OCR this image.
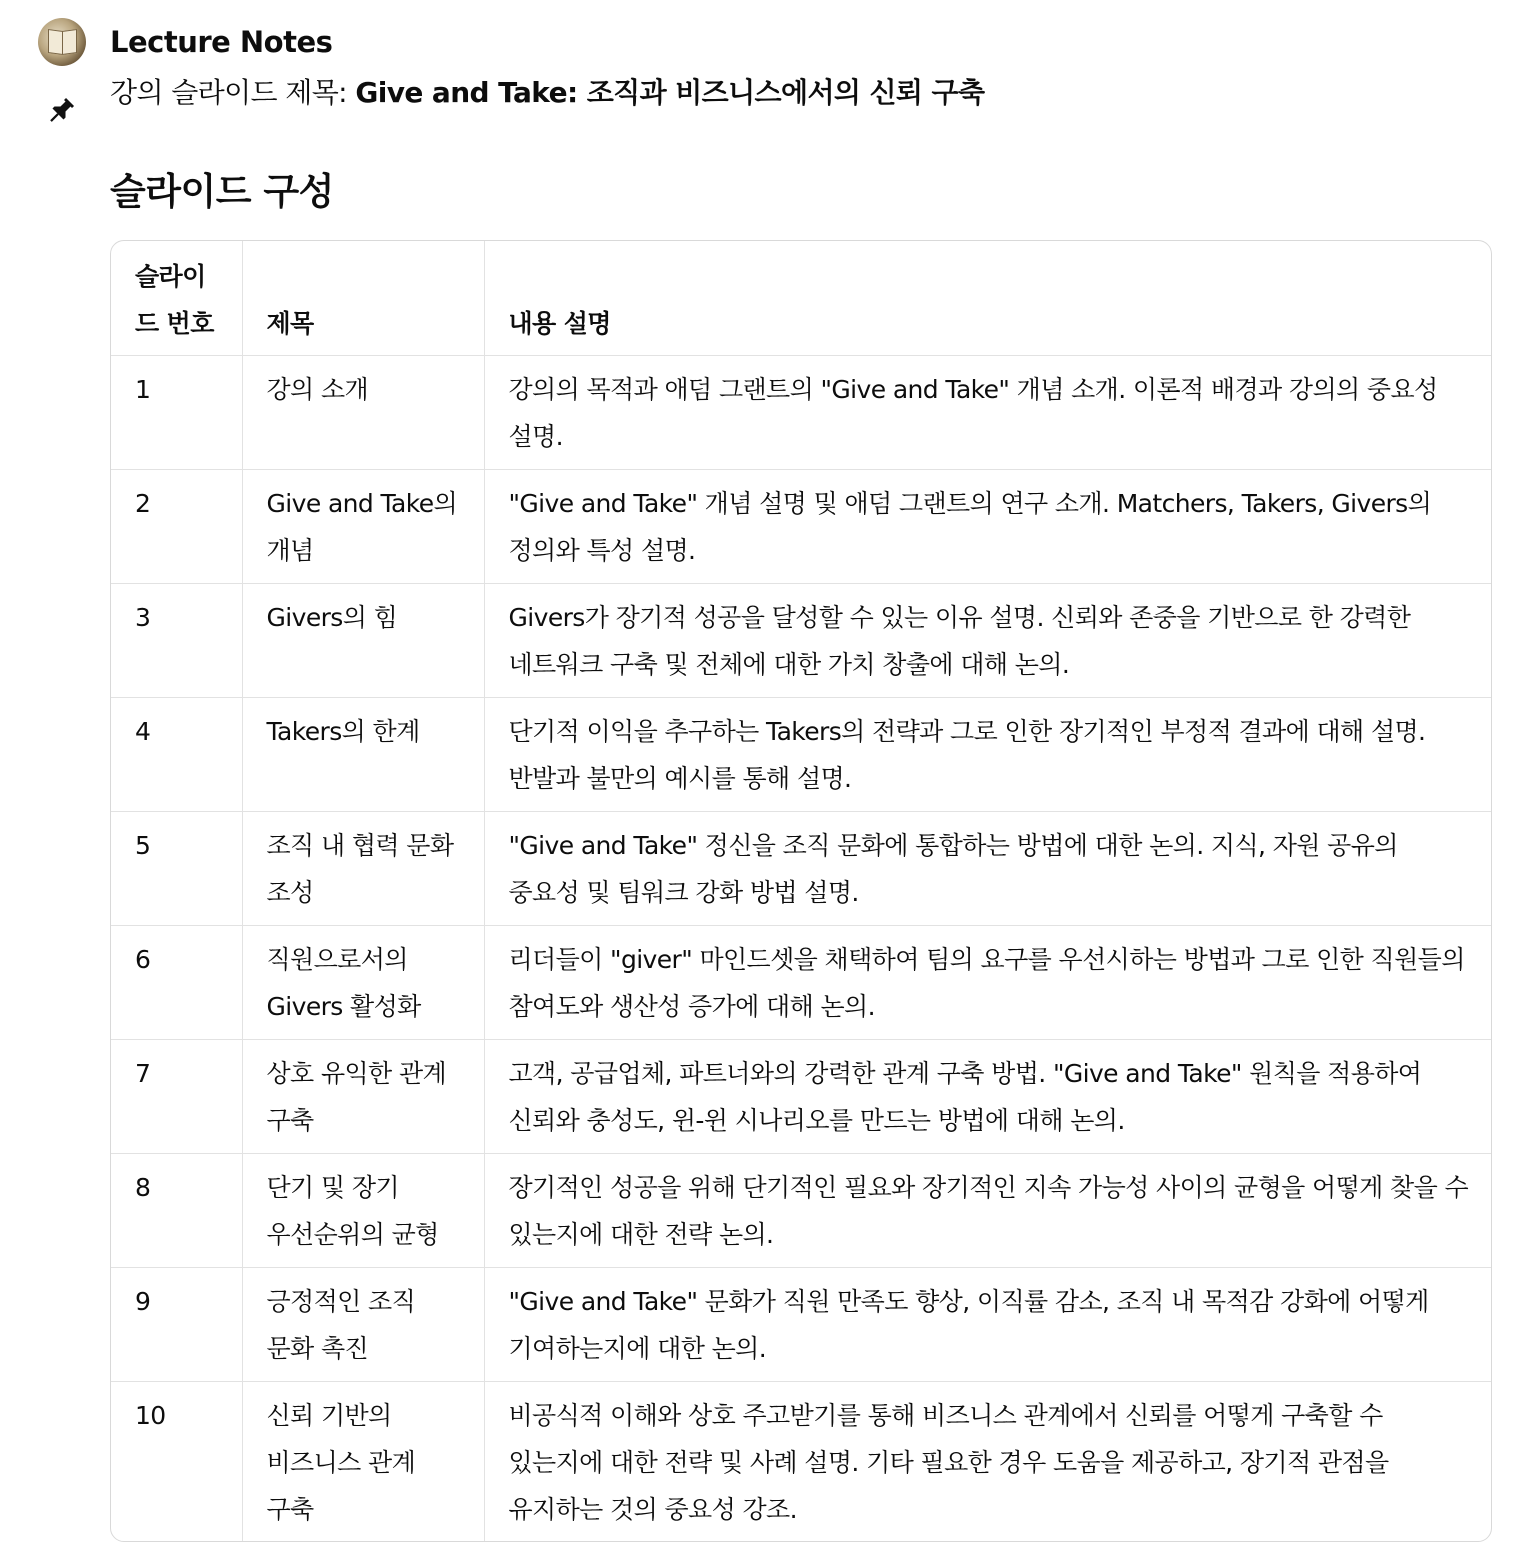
Lecture Notes
강의 슬라이드 제목: Give and Take: 조직과 비즈니스에서의 신뢰 구축
슬라이드 구성
슬라이드 번호	제목	내용 설명
1	강의 소개	강의의 목적과 애덤 그랜트의 "Give and Take" 개념 소개. 이론적 배경과 강의의 중요성 설명.
2	Give and Take의 개념	"Give and Take" 개념 설명 및 애덤 그랜트의 연구 소개. Matchers, Takers, Givers의 정의와 특성 설명.
3	Givers의 힘	Givers가 장기적 성공을 달성할 수 있는 이유 설명. 신뢰와 존중을 기반으로 한 강력한 네트워크 구축 및 전체에 대한 가치 창출에 대해 논의.
4	Takers의 한계	단기적 이익을 추구하는 Takers의 전략과 그로 인한 장기적인 부정적 결과에 대해 설명. 반발과 불만의 예시를 통해 설명.
5	조직 내 협력 문화 조성	"Give and Take" 정신을 조직 문화에 통합하는 방법에 대한 논의. 지식, 자원 공유의 중요성 및 팀워크 강화 방법 설명.
6	직원으로서의 Givers 활성화	리더들이 "giver" 마인드셋을 채택하여 팀의 요구를 우선시하는 방법과 그로 인한 직원들의 참여도와 생산성 증가에 대해 논의.
7	상호 유익한 관계 구축	고객, 공급업체, 파트너와의 강력한 관계 구축 방법. "Give and Take" 원칙을 적용하여 신뢰와 충성도, 윈-윈 시나리오를 만드는 방법에 대해 논의.
8	단기 및 장기 우선순위의 균형	장기적인 성공을 위해 단기적인 필요와 장기적인 지속 가능성 사이의 균형을 어떻게 찾을 수 있는지에 대한 전략 논의.
9	긍정적인 조직 문화 촉진	"Give and Take" 문화가 직원 만족도 향상, 이직률 감소, 조직 내 목적감 강화에 어떻게 기여하는지에 대한 논의.
10	신뢰 기반의 비즈니스 관계 구축	비공식적 이해와 상호 주고받기를 통해 비즈니스 관계에서 신뢰를 어떻게 구축할 수 있는지에 대한 전략 및 사례 설명. 기타 필요한 경우 도움을 제공하고, 장기적 관점을 유지하는 것의 중요성 강조.
